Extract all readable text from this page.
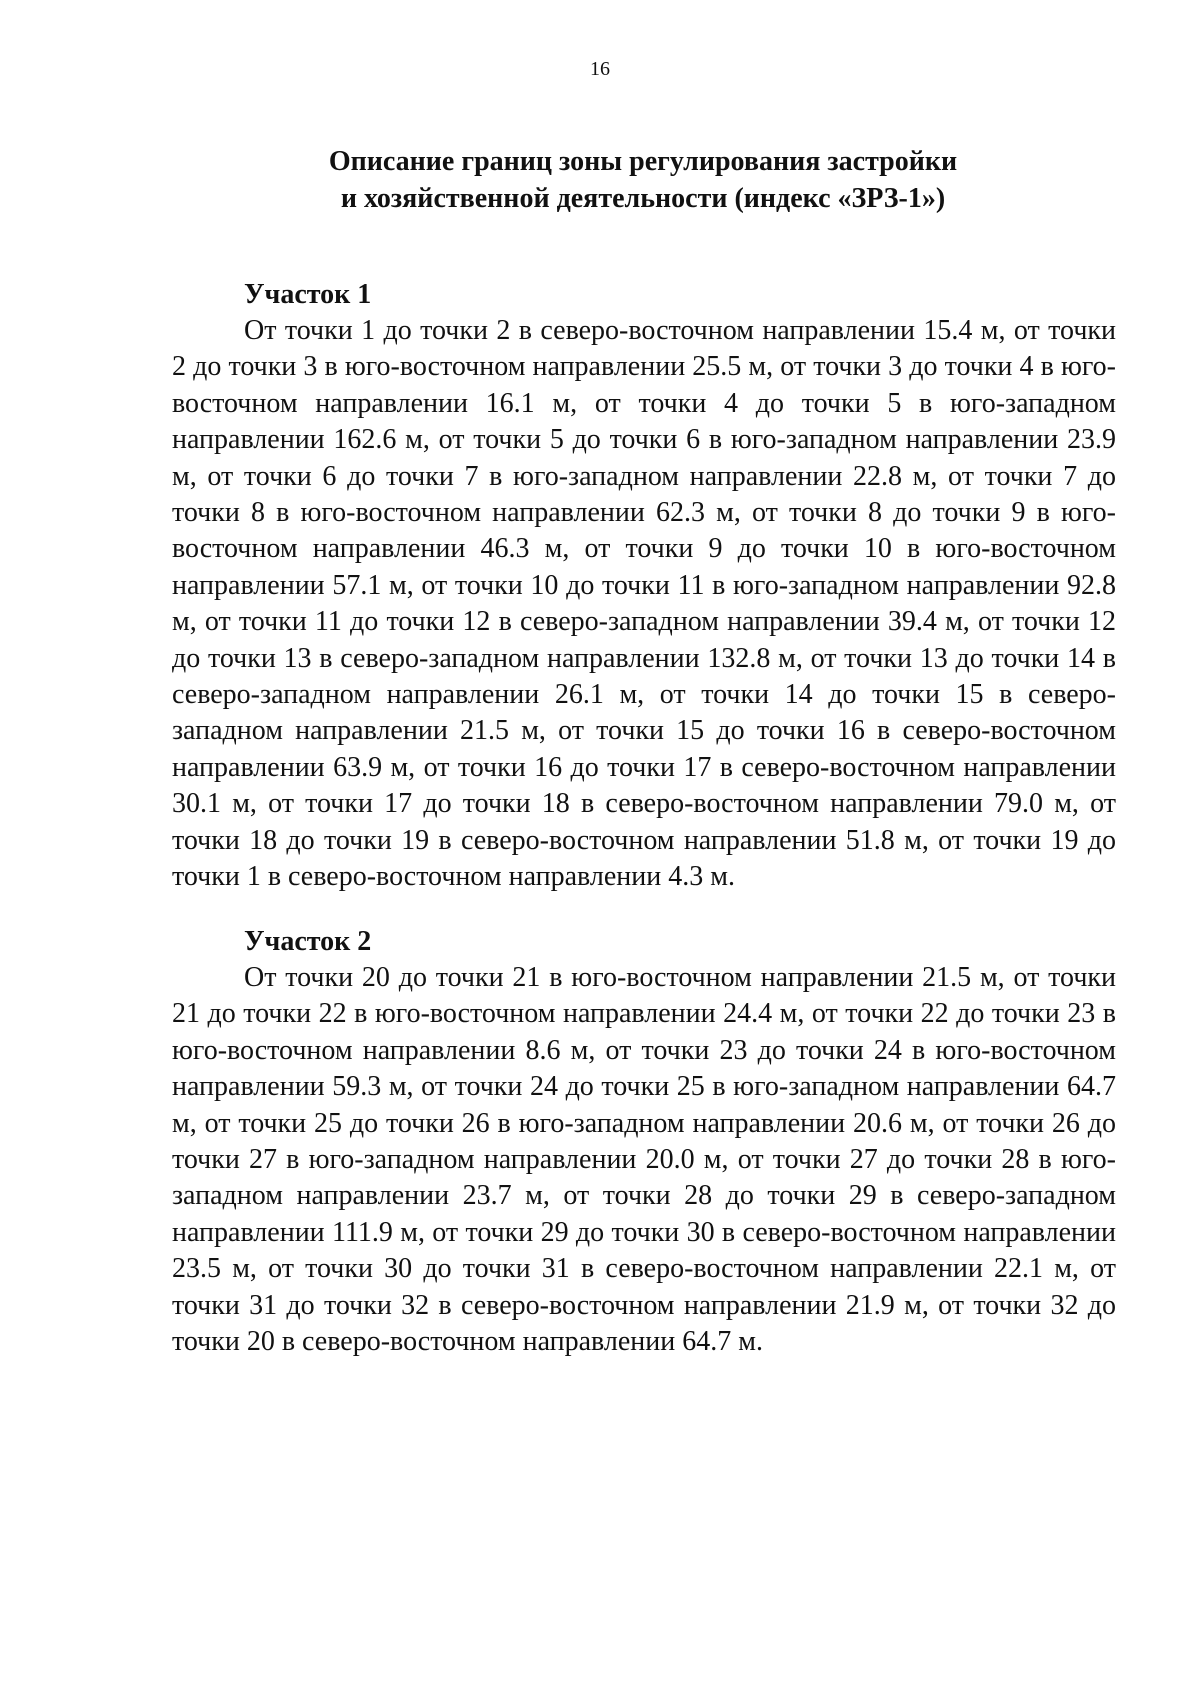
16
Описание границ зоны регулирования застройки
и хозяйственной деятельности (индекс «ЗРЗ-1»)
Участок 1

От точки 1 до точки 2 в северо-восточном направлении 15.4 м, от точки 2 до точки 3 в юго-восточном направлении 25.5 м, от точки 3 до точки 4 в юго-восточном направлении 16.1 м, от точки 4 до точки 5 в юго-западном направлении 162.6 м, от точки 5 до точки 6 в юго-западном направлении 23.9 м, от точки 6 до точки 7 в юго-западном направлении 22.8 м, от точки 7 до точки 8 в юго-восточном направлении 62.3 м, от точки 8 до точки 9 в юго-восточном направлении 46.3 м, от точки 9 до точки 10 в юго-восточном направлении 57.1 м, от точки 10 до точки 11 в юго-западном направлении 92.8 м, от точки 11 до точки 12 в северо-западном направлении 39.4 м, от точки 12 до точки 13 в северо-западном направлении 132.8 м, от точки 13 до точки 14 в северо-западном направлении 26.1 м, от точки 14 до точки 15 в северо-западном направлении 21.5 м, от точки 15 до точки 16 в северо-восточном направлении 63.9 м, от точки 16 до точки 17 в северо-восточном направлении 30.1 м, от точки 17 до точки 18 в северо-восточном направлении 79.0 м, от точки 18 до точки 19 в северо-восточном направлении 51.8 м, от точки 19 до точки 1 в северо-восточном направлении 4.3 м.

Участок 2

От точки 20 до точки 21 в юго-восточном направлении 21.5 м, от точки 21 до точки 22 в юго-восточном направлении 24.4 м, от точки 22 до точки 23 в юго-восточном направлении 8.6 м, от точки 23 до точки 24 в юго-восточном направлении 59.3 м, от точки 24 до точки 25 в юго-западном направлении 64.7 м, от точки 25 до точки 26 в юго-западном направлении 20.6 м, от точки 26 до точки 27 в юго-западном направлении 20.0 м, от точки 27 до точки 28 в юго-западном направлении 23.7 м, от точки 28 до точки 29 в северо-западном направлении 111.9 м, от точки 29 до точки 30 в северо-восточном направлении 23.5 м, от точки 30 до точки 31 в северо-восточном направлении 22.1 м, от точки 31 до точки 32 в северо-восточном направлении 21.9 м, от точки 32 до точки 20 в северо-восточном направлении 64.7 м.
